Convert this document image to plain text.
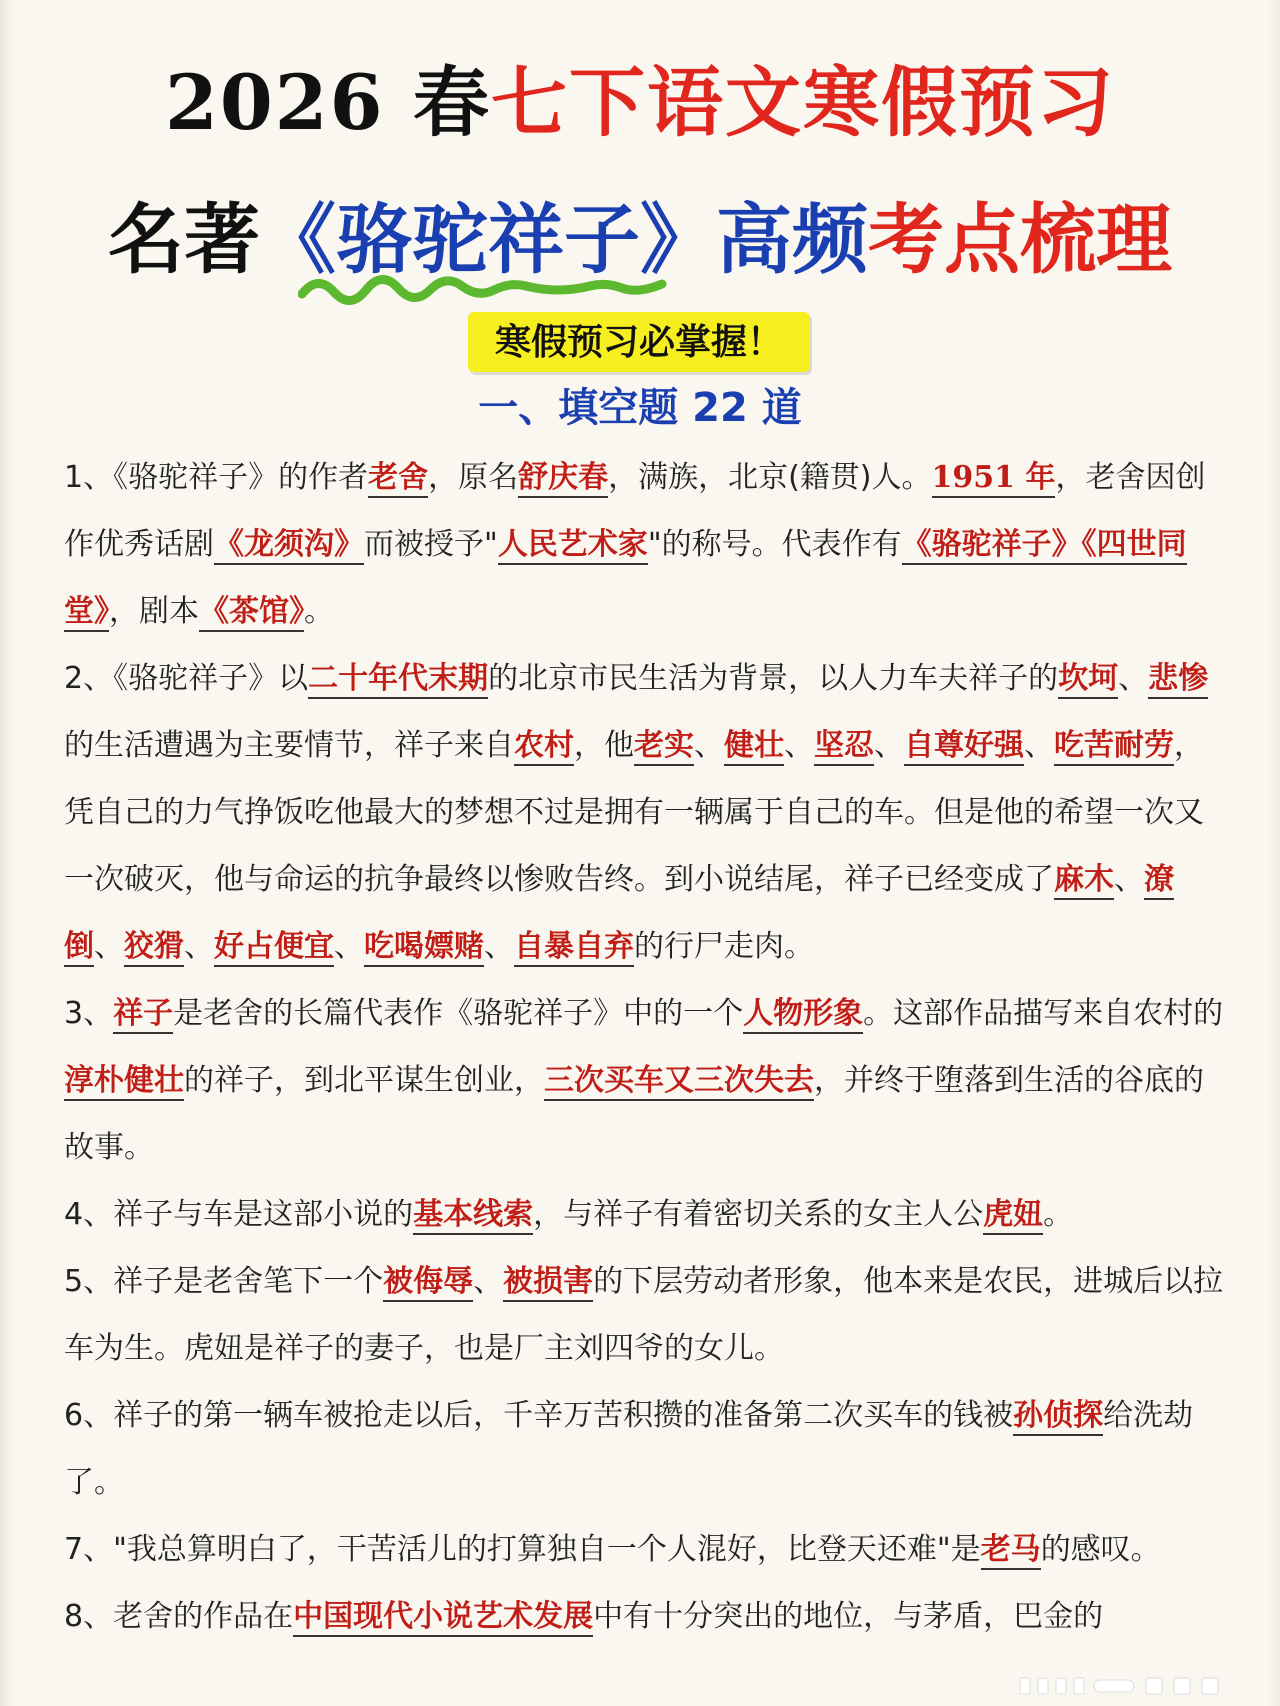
2026 春七下语文寒假预习
名著《骆驼祥子》高频考点梳理
寒假预习必掌握！
一、填空题 22 道

1、《骆驼祥子》的作者老舍，原名舒庆春，满族，北京(籍贯)人。1951 年，老舍因创作优秀话剧《龙须沟》而被授予"人民艺术家"的称号。代表作有《骆驼祥子》《四世同堂》，剧本《茶馆》。

2、《骆驼祥子》以二十年代末期的北京市民生活为背景，以人力车夫祥子的坎坷、悲惨的生活遭遇为主要情节，祥子来自农村，他老实、健壮、坚忍、自尊好强、吃苦耐劳，凭自己的力气挣饭吃他最大的梦想不过是拥有一辆属于自己的车。但是他的希望一次又一次破灭，他与命运的抗争最终以惨败告终。到小说结尾，祥子已经变成了麻木、潦倒、狡猾、好占便宜、吃喝嫖赌、自暴自弃的行尸走肉。

3、祥子是老舍的长篇代表作《骆驼祥子》中的一个人物形象。这部作品描写来自农村的淳朴健壮的祥子，到北平谋生创业，三次买车又三次失去，并终于堕落到生活的谷底的故事。

4、祥子与车是这部小说的基本线索，与祥子有着密切关系的女主人公虎妞。

5、祥子是老舍笔下一个被侮辱、被损害的下层劳动者形象，他本来是农民，进城后以拉车为生。虎妞是祥子的妻子，也是厂主刘四爷的女儿。

6、祥子的第一辆车被抢走以后，千辛万苦积攒的准备第二次买车的钱被孙侦探给洗劫了。

7、"我总算明白了，干苦活儿的打算独自一个人混好，比登天还难"是老马的感叹。

8、老舍的作品在中国现代小说艺术发展中有十分突出的地位，与茅盾，巴金的
